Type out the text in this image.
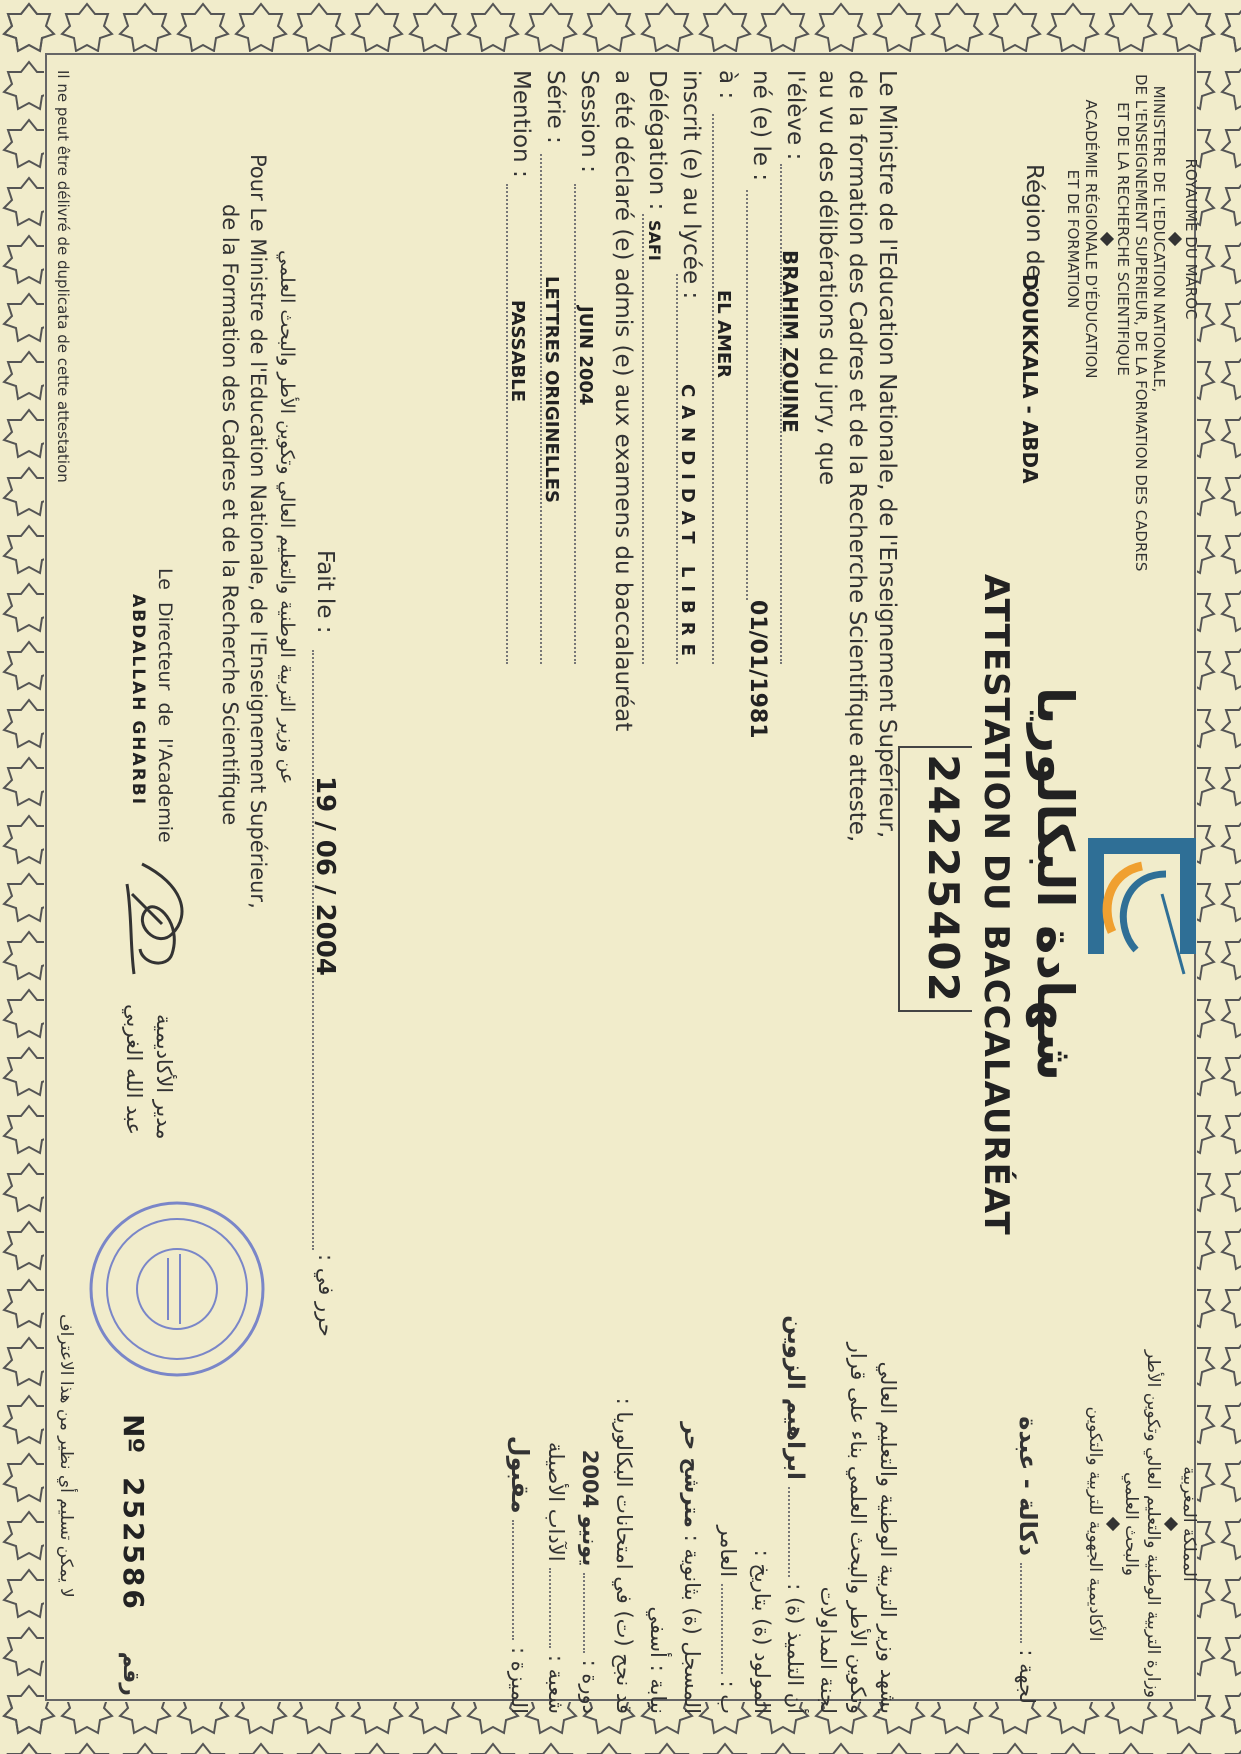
ROYAUME DU MAROC
MINISTERE DE L'EDUCATION NATIONALE,
DE L'ENSEIGNEMENT SUPERIEUR, DE LA FORMATION DES CADRES
ET DE LA RECHERCHE SCIENTIFIQUE
ACADÉMIE RÉGIONALE D'ÉDUCATION
ET DE FORMATION
Région de :
DOUKKALA - ABDA
المملكة المغربية
وزارة التربية الوطنية والتعليم العالي وتكوين الأطر
والبحث العلمي
الأكاديمية الجهوية للتربية والتكوين
لجهة :  دكالة - عبدة
شهادة البكالوريا
ATTESTATION DU BACCALAURÉAT
24225402
Le Ministre de l'Education Nationale, de l'Enseignement Supérieur,
de la formation des Cadres et de la Recherche Scientifique atteste,
au vu des délibérations du jury, que
l'élève :
BRAHIM ZOUINE
né (e) le :
01/01/1981
à :
EL AMER
inscrit (e) au lycée :
CANDIDAT LIBRE
Délégation :
SAFI
a été déclaré (e) admis (e) aux examens du baccalauréat
Session :
JUIN 2004
Série :
LETTRES ORIGINELLES
Mention :
PASSABLE
يشهد وزير التربية الوطنية والتعليم العالي
وتكوين الأطر والبحث العلمي بناء على قرار
لجنة المداولات
أن التلميذ (ة) :  ابراهيم الزوين
المولود (ة) بتاريخ :
ب :  العامر
المسجل (ة) بثانوية : مترشح حر
نيابة : أسفي
قد نجح (ت) في امتحانات البكالوريا :
دورة :  يونيو 2004
شعبة :  الآداب الأصيلة
الميزة :  مقبول
Fait le :
19 / 06 / 2004
حرر في :
عن وزير التربية الوطنية والتعليم العالي وتكوين الأطر والبحث العلمي
Pour Le Ministre de l'Education Nationale, de l'Enseignement Supérieur,
de la Formation des Cadres et de la Recherche Scientifique
Le Directeur de l'Academie
ABDALLAH GHARBI
مدير الأكاديمية
عبد الله الغربي
Il ne peut être délivré de duplicata de cette attestation
لا يمكن تسليم أي نظير من هذا الاعتراف Nº 252586 رقم
